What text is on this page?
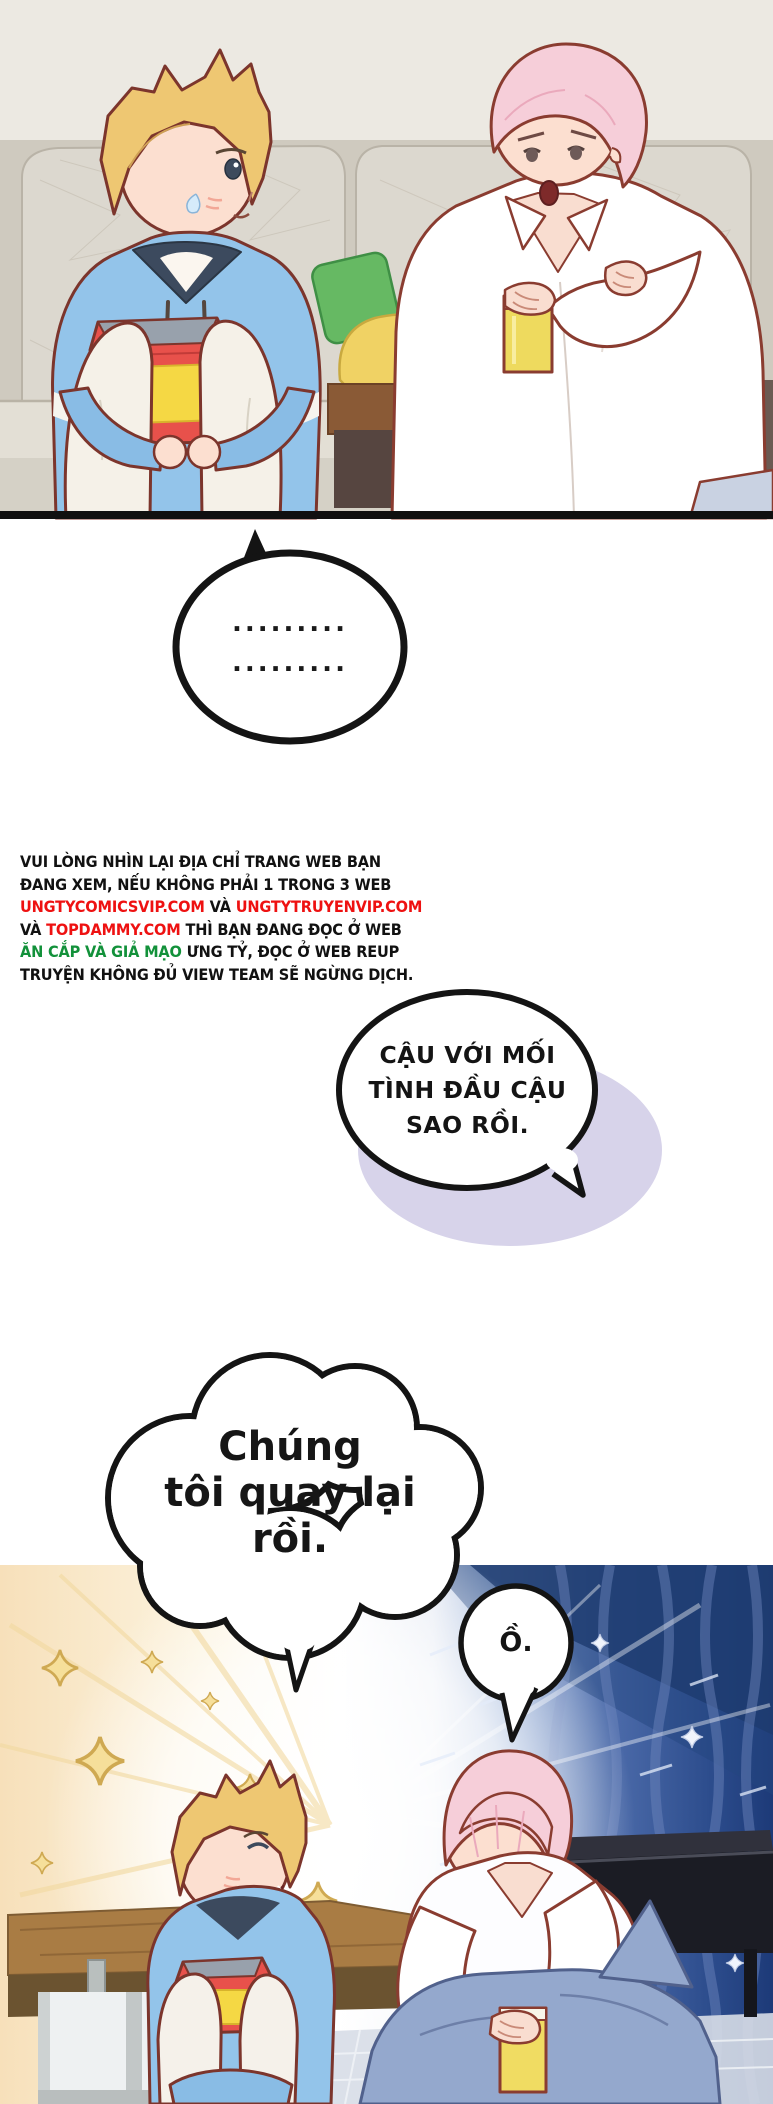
.........
.........
VUI LÒNG NHÌN LẠI ĐỊA CHỈ TRANG WEB BẠN
ĐANG XEM, NẾU KHÔNG PHẢI 1 TRONG 3 WEB
UNGTYCOMICSVIP.COM VÀ UNGTYTRUYENVIP.COM
VÀ TOPDAMMY.COM THÌ BẠN ĐANG ĐỌC Ở WEB
ĂN CẮP VÀ GIẢ MẠO ƯNG TỶ, ĐỌC Ở WEB REUP
TRUYỆN KHÔNG ĐỦ VIEW TEAM SẼ NGỪNG DỊCH.
CẬU VỚI MỐI
TÌNH ĐẦU CẬU
SAO RỒI.
Chúng
tôi quay lại
rồi.
Ồ.
